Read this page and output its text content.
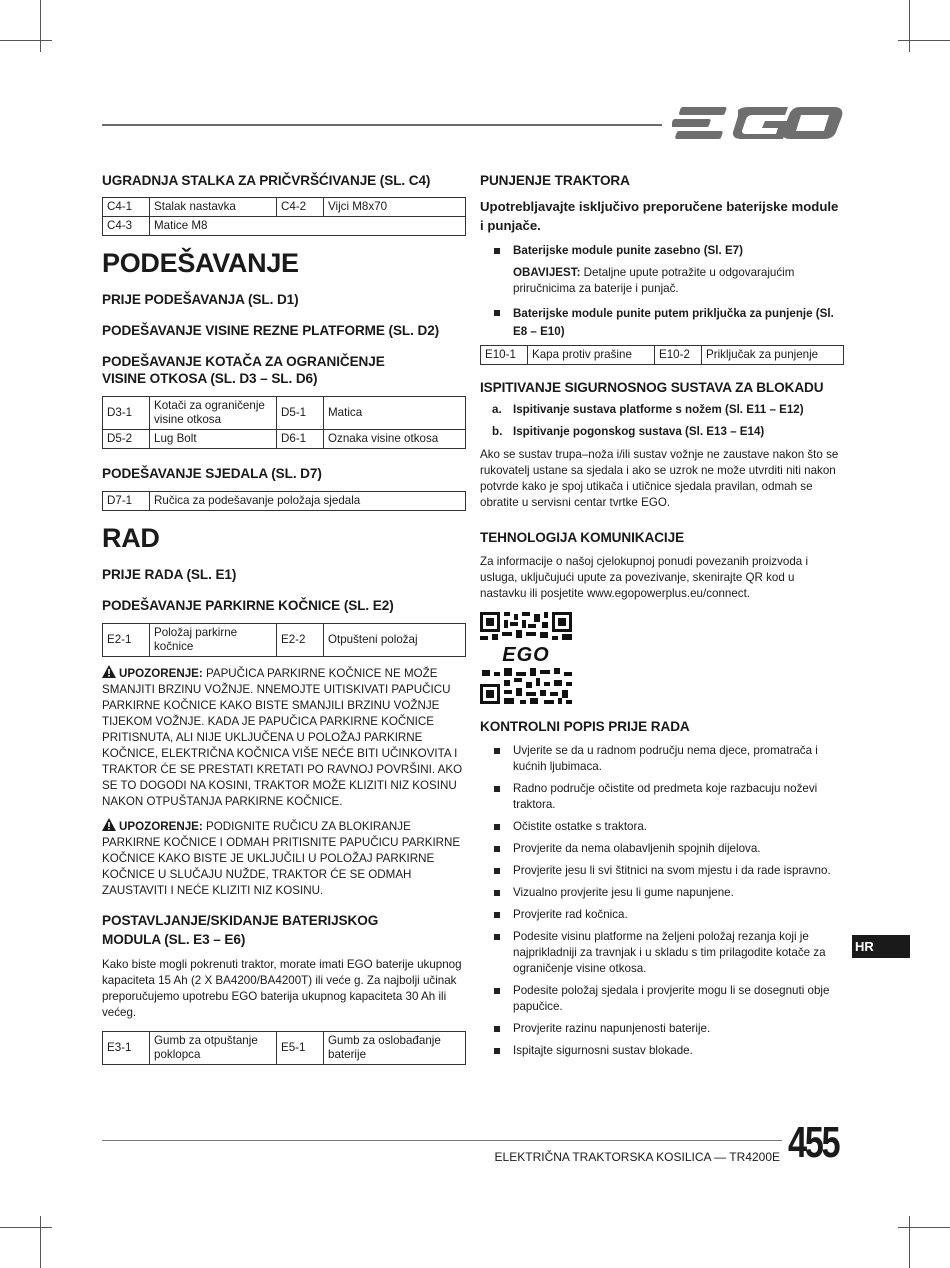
UGRADNJA STALKA ZA PRIČVRŠĆIVANJE (SL. C4)
C4-1	Stalak nastavka	C4-2	Vijci M8x70
C4-3	Matice M8		
PODEŠAVANJE
PRIJE PODEŠAVANJA (SL. D1)
PODEŠAVANJE VISINE REZNE PLATFORME (SL. D2)
PODEŠAVANJE KOTAČA ZA OGRANIČENJE VISINE OTKOSA (SL. D3 – SL. D6)
D3-1	Kotači za ograničenje visine otkosa	D5-1	Matica
D5-2	Lug Bolt	D6-1	Oznaka visine otkosa
PODEŠAVANJE SJEDALA (SL. D7)
D7-1	Ručica za podešavanje položaja sjedala
RAD
PRIJE RADA (SL. E1)
PODEŠAVANJE PARKIRNE KOČNICE (SL. E2)
E2-1	Položaj parkirne kočnice	E2-2	Otpušteni položaj

UPOZORENJE: PAPUČICA PARKIRNE KOČNICE NE MOŽE SMANJITI BRZINU VOŽNJE. NNEMOJTE UITISKIVATI PAPUČICU PARKIRNE KOČNICE KAKO BISTE SMANJILI BRZINU VOŽNJE TIJEKOM VOŽNJE. KADA JE PAPUČICA PARKIRNE KOČNICE PRITISNUTA, ALI NIJE UKLJUČENA U POLOŽAJ PARKIRNE KOČNICE, ELEKTRIČNA KOČNICA VIŠE NEĆE BITI UČINKOVITA I TRAKTOR ĆE SE PRESTATI KRETATI PO RAVNOJ POVRŠINI. AKO SE TO DOGODI NA KOSINI, TRAKTOR MOŽE KLIZITI NIZ KOSINU NAKON OTPUŠTANJA PARKIRNE KOČNICE.

UPOZORENJE: PODIGNITE RUČICU ZA BLOKIRANJE PARKIRNE KOČNICE I ODMAH PRITISNITE PAPUČICU PARKIRNE KOČNICE KAKO BISTE JE UKLJUČILI U POLOŽAJ PARKIRNE KOČNICE U SLUČAJU NUŽDE, TRAKTOR ĆE SE ODMAH ZAUSTAVITI I NEĆE KLIZITI NIZ KOSINU.

POSTAVLJANJE/SKIDANJE BATERIJSKOG MODULA (SL. E3 – E6)

Kako biste mogli pokrenuti traktor, morate imati EGO baterije ukupnog kapaciteta 15 Ah (2 X BA4200/BA4200T) ili veće g. Za najbolji učinak preporučujemo upotrebu EGO baterija ukupnog kapaciteta 30 Ah ili većeg.

E3-1	Gumb za otpuštanje poklopca	E5-1	Gumb za oslobađanje baterije
PUNJENJE TRAKTORA

Upotrebljavajte isključivo preporučene baterijske module i punjače.

Baterijske module punite zasebno (Sl. E7)

OBAVIJEST: Detaljne upute potražite u odgovarajućim priručnicima za baterije i punjač.

Baterijske module punite putem priključka za punjenje (Sl. E8 – E10)
E10-1	Kapa protiv prašine	E10-2	Priključak za punjenje
ISPITIVANJE SIGURNOSNOG SUSTAVA ZA BLOKADU
a. Ispitivanje sustava platforme s nožem (Sl. E11 – E12)
b. Ispitivanje pogonskog sustava (Sl. E13 – E14)

Ako se sustav trupa–noža i/ili sustav vožnje ne zaustave nakon što se rukovatelj ustane sa sjedala i ako se uzrok ne može utvrditi niti nakon potvrde kako je spoj utikača i utičnice sjedala pravilan, odmah se obratite u servisni centar tvrtke EGO.

TEHNOLOGIJA KOMUNIKACIJE

Za informacije o našoj cjelokupnoj ponudi povezanih proizvoda i usluga, uključujući upute za povezivanje, skenirajte QR kod u nastavku ili posjetite www.egopowerplus.eu/connect.

EGO
KONTROLNI POPIS PRIJE RADA
Uvjerite se da u radnom području nema djece, promatrača i kućnih ljubimaca.
Radno područje očistite od predmeta koje razbacuju noževi traktora.
Očistite ostatke s traktora.
Provjerite da nema olabavljenih spojnih dijelova.
Provjerite jesu li svi štitnici na svom mjestu i da rade ispravno.
Vizualno provjerite jesu li gume napunjene.
Provjerite rad kočnica.
Podesite visinu platforme na željeni položaj rezanja koji je najprikladniji za travnjak i u skladu s tim prilagodite kotače za ograničenje visine otkosa.
Podesite položaj sjedala i provjerite mogu li se dosegnuti obje papučice.
Provjerite razinu napunjenosti baterije.
Ispitajte sigurnosni sustav blokade.
HR
ELEKTRIČNA TRAKTORSKA KOSILICA — TR4200E 455
